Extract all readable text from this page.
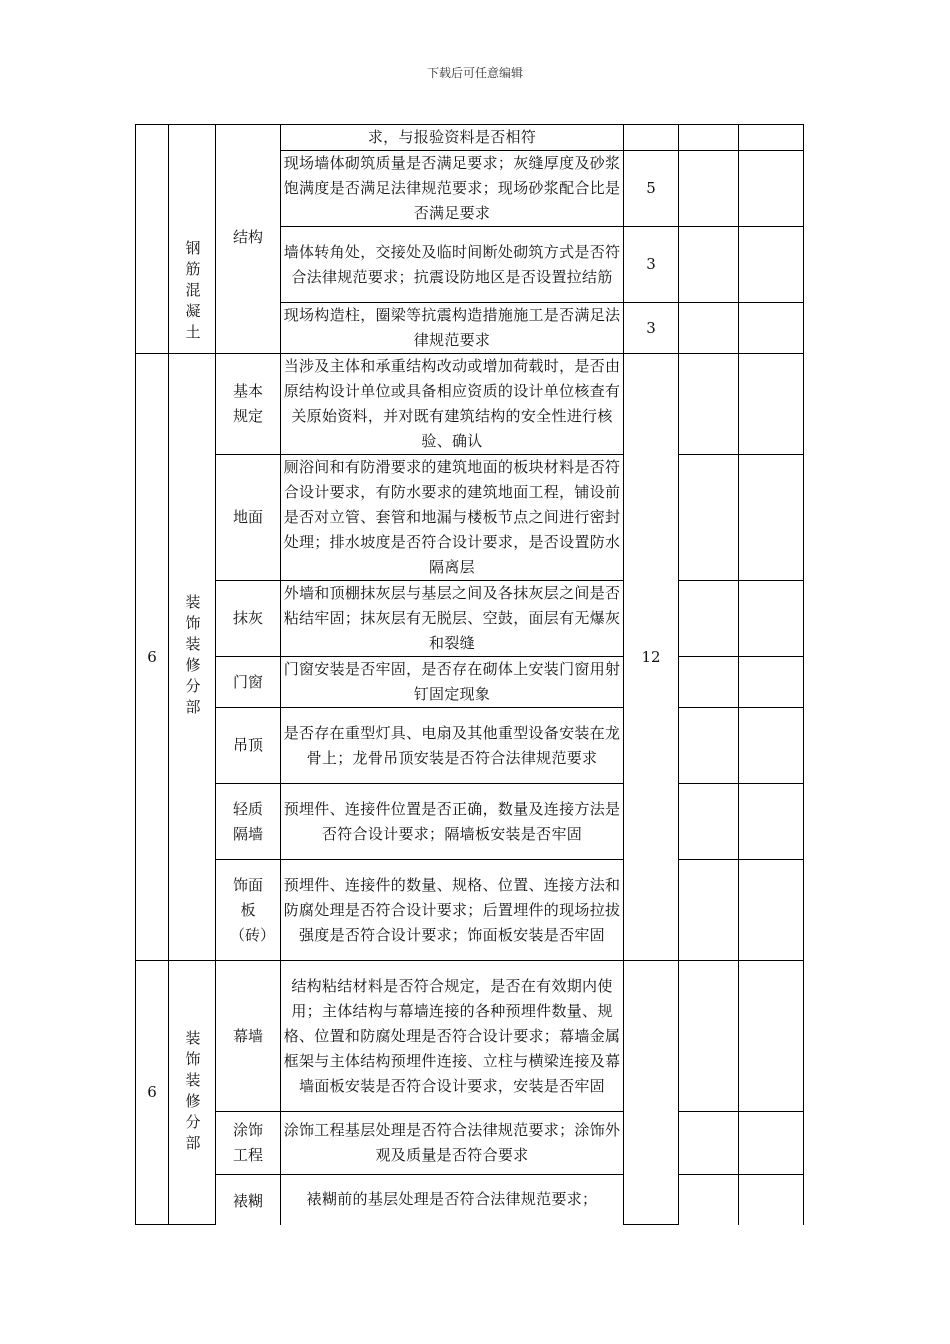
下载后可任意编辑

	钢筋混凝土	结构	求，与报验资料是否相符			
			现场墙体砌筑质量是否满足要求；灰缝厚度及砂浆饱满度是否满足法律规范要求；现场砂浆配合比是否满足要求	5		
			墙体转角处，交接处及临时间断处砌筑方式是否符合法律规范要求；抗震设防地区是否设置拉结筋	3		
			现场构造柱，圈梁等抗震构造措施施工是否满足法律规范要求	3		
6	装饰装修分部	基本规定	当涉及主体和承重结构改动或增加荷载时，是否由原结构设计单位或具备相应资质的设计单位核查有关原始资料，并对既有建筑结构的安全性进行核验、确认	12		
		地面	厕浴间和有防滑要求的建筑地面的板块材料是否符合设计要求，有防水要求的建筑地面工程，铺设前是否对立管、套管和地漏与楼板节点之间进行密封处理；排水坡度是否符合设计要求，是否设置防水隔离层			
		抹灰	外墙和顶棚抹灰层与基层之间及各抹灰层之间是否粘结牢固；抹灰层有无脱层、空鼓，面层有无爆灰和裂缝			
		门窗	门窗安装是否牢固，是否存在砌体上安装门窗用射钉固定现象			
		吊顶	是否存在重型灯具、电扇及其他重型设备安装在龙骨上；龙骨吊顶安装是否符合法律规范要求			
		轻质隔墙	预埋件、连接件位置是否正确，数量及连接方法是否符合设计要求；隔墙板安装是否牢固			
		饰面板（砖）	预埋件、连接件的数量、规格、位置、连接方法和防腐处理是否符合设计要求；后置埋件的现场拉拔强度是否符合设计要求；饰面板安装是否牢固			
6	装饰装修分部	幕墙	结构粘结材料是否符合规定，是否在有效期内使用；主体结构与幕墙连接的各种预埋件数量、规格、位置和防腐处理是否符合设计要求；幕墙金属框架与主体结构预埋件连接、立柱与横梁连接及幕墙面板安装是否符合设计要求，安装是否牢固			
		涂饰工程	涂饰工程基层处理是否符合法律规范要求；涂饰外观及质量是否符合要求			
		裱糊	裱糊前的基层处理是否符合法律规范要求；			
